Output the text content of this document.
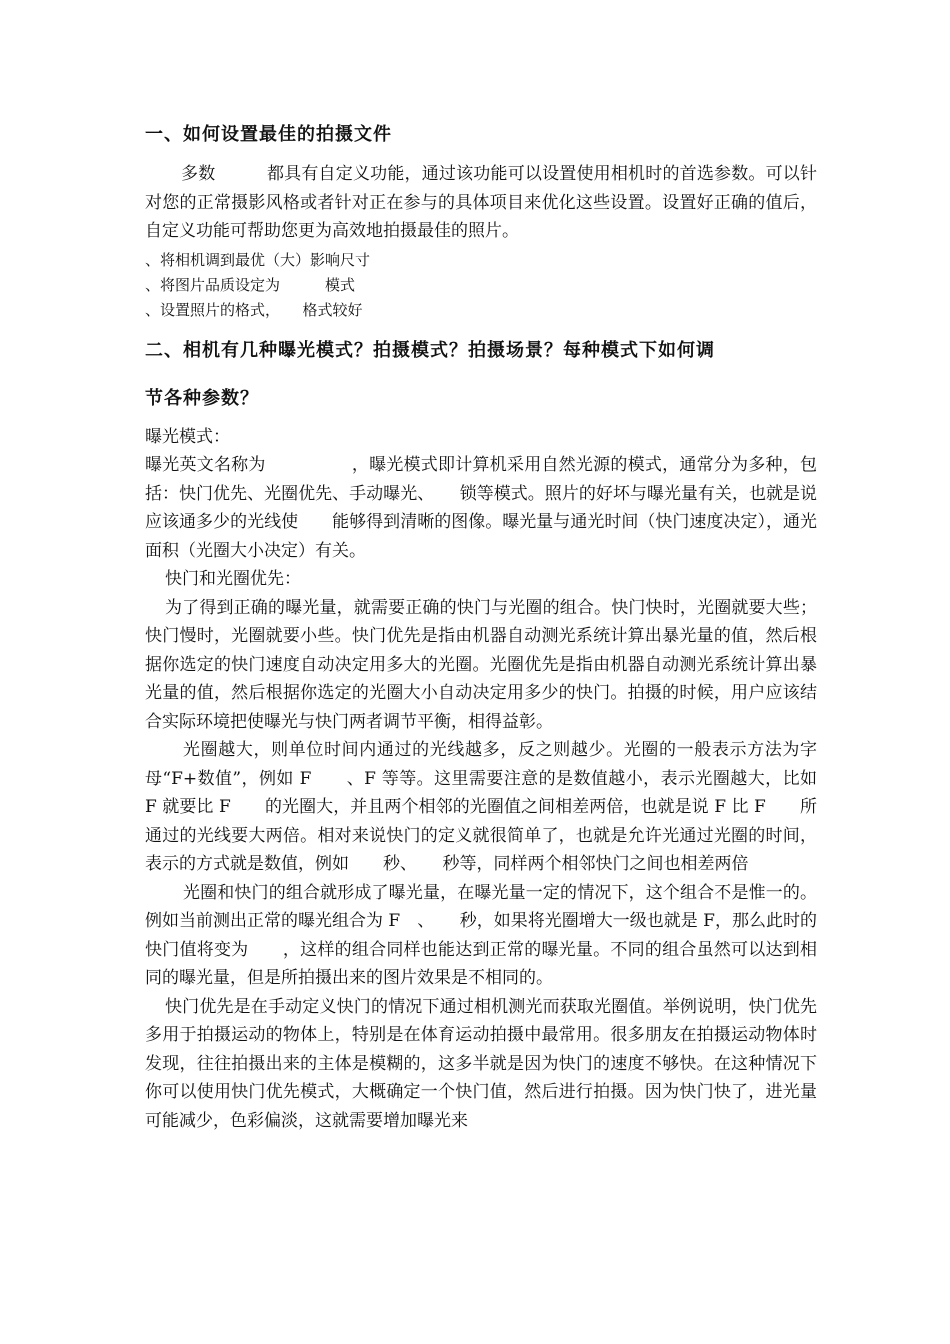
一、如何设置最佳的拍摄文件

多数　　　都具有自定义功能，通过该功能可以设置使用相机时的首选参数。可以针对您的正常摄影风格或者针对正在参与的具体项目来优化这些设置。设置好正确的值后，自定义功能可帮助您更为高效地拍摄最佳的照片。

、将相机调到最优（大）影响尺寸

、将图片品质设定为　　　模式

、设置照片的格式，　　格式较好

二、相机有几种曝光模式？拍摄模式？拍摄场景？每种模式下如何调
节各种参数？

曝光模式：

曝光英文名称为　　　　　，曝光模式即计算机采用自然光源的模式，通常分为多种，包括：快门优先、光圈优先、手动曝光、　　锁等模式。照片的好坏与曝光量有关，也就是说应该通多少的光线使　　能够得到清晰的图像。曝光量与通光时间（快门速度决定），通光面积（光圈大小决定）有关。

快门和光圈优先：

为了得到正确的曝光量，就需要正确的快门与光圈的组合。快门快时，光圈就要大些；快门慢时，光圈就要小些。快门优先是指由机器自动测光系统计算出暴光量的值，然后根据你选定的快门速度自动决定用多大的光圈。光圈优先是指由机器自动测光系统计算出暴光量的值，然后根据你选定的光圈大小自动决定用多少的快门。拍摄的时候，用户应该结合实际环境把使曝光与快门两者调节平衡，相得益彰。

光圈越大，则单位时间内通过的光线越多，反之则越少。光圈的一般表示方法为字母“F+数值”，例如 F　　、F 等等。这里需要注意的是数值越小，表示光圈越大，比如 F 就要比 F　　的光圈大，并且两个相邻的光圈值之间相差两倍，也就是说 F 比 F　　所通过的光线要大两倍。相对来说快门的定义就很简单了，也就是允许光通过光圈的时间，表示的方式就是数值，例如　　秒、　　秒等，同样两个相邻快门之间也相差两倍

光圈和快门的组合就形成了曝光量，在曝光量一定的情况下，这个组合不是惟一的。例如当前测出正常的曝光组合为 F　、　　秒，如果将光圈增大一级也就是 F，那么此时的快门值将变为　　，这样的组合同样也能达到正常的曝光量。不同的组合虽然可以达到相同的曝光量，但是所拍摄出来的图片效果是不相同的。

快门优先是在手动定义快门的情况下通过相机测光而获取光圈值。举例说明，快门优先多用于拍摄运动的物体上，特别是在体育运动拍摄中最常用。很多朋友在拍摄运动物体时发现，往往拍摄出来的主体是模糊的，这多半就是因为快门的速度不够快。在这种情况下你可以使用快门优先模式，大概确定一个快门值，然后进行拍摄。因为快门快了，进光量可能减少，色彩偏淡，这就需要增加曝光来
